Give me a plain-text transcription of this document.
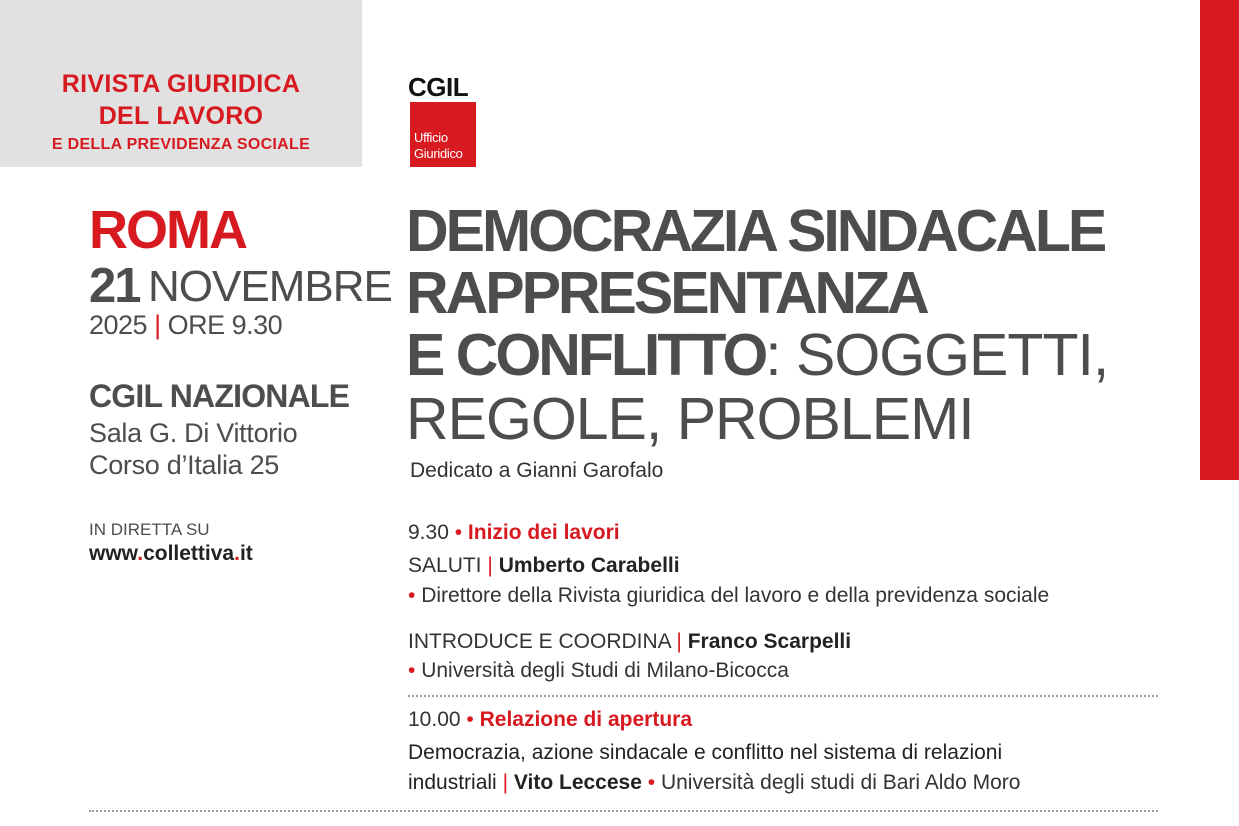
RIVISTA GIURIDICA
DEL LAVORO
E DELLA PREVIDENZA SOCIALE
CGIL
Ufficio
Giuridico
ROMA
21 NOVEMBRE
2025 | ORE 9.30
CGIL NAZIONALE
Sala G. Di Vittorio
Corso d’Italia 25
IN DIRETTA SU
www.collettiva.it
DEMOCRAZIA SINDACALE
RAPPRESENTANZA
E CONFLITTO: SOGGETTI,
REGOLE, PROBLEMI
Dedicato a Gianni Garofalo
9.30 • Inizio dei lavori
SALUTI | Umberto Carabelli
• Direttore della Rivista giuridica del lavoro e della previdenza sociale
INTRODUCE E COORDINA | Franco Scarpelli
• Università degli Studi di Milano-Bicocca
10.00 • Relazione di apertura
Democrazia, azione sindacale e conflitto nel sistema di relazioni
industriali | Vito Leccese • Università degli studi di Bari Aldo Moro
